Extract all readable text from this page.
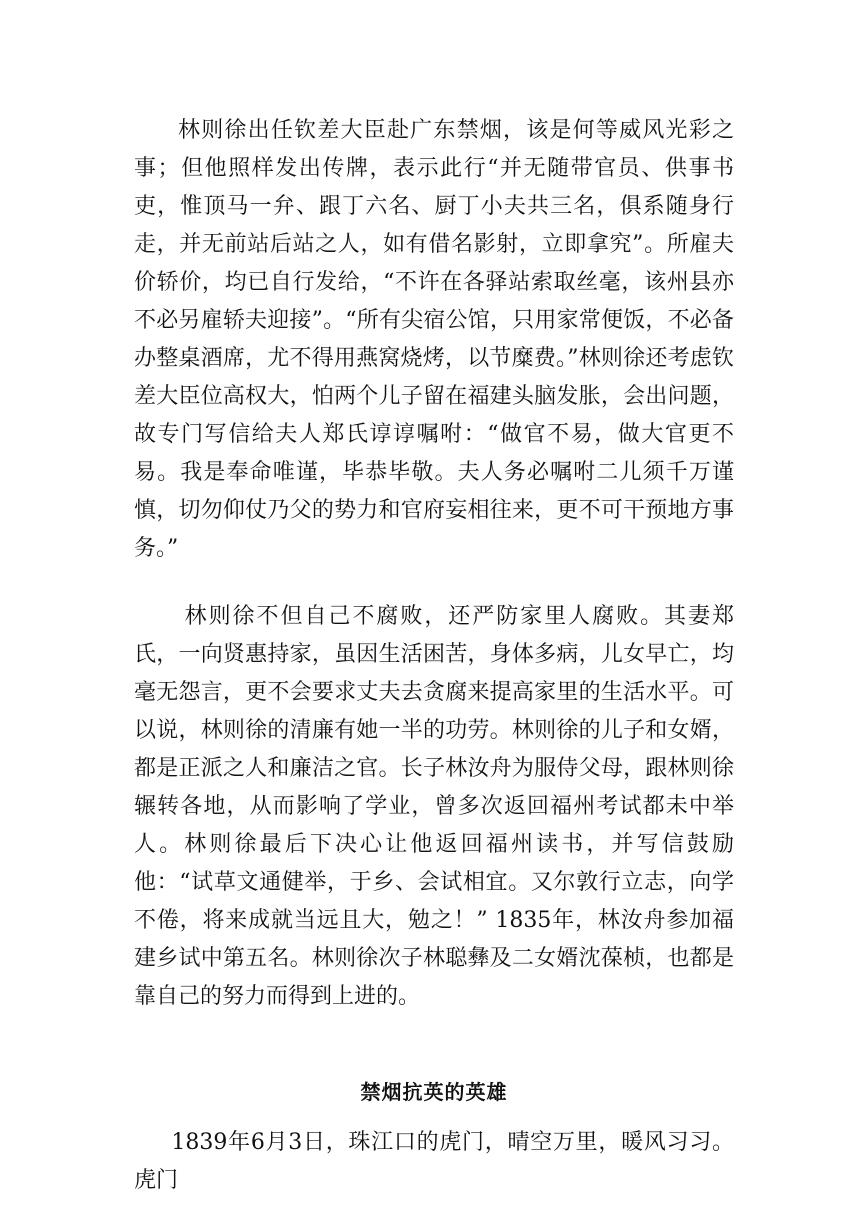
林则徐出任钦差大臣赴广东禁烟，该是何等威风光彩之事；但他照样发出传牌，表示此行“并无随带官员、供事书吏，惟顶马一弁、跟丁六名、厨丁小夫共三名，俱系随身行走，并无前站后站之人，如有借名影射，立即拿究”。所雇夫价轿价，均已自行发给，“不许在各驿站索取丝毫，该州县亦不必另雇轿夫迎接”。“所有尖宿公馆，只用家常便饭，不必备办整桌酒席，尤不得用燕窝烧烤，以节糜费。”林则徐还考虑钦差大臣位高权大，怕两个儿子留在福建头脑发胀，会出问题，故专门写信给夫人郑氏谆谆嘱咐：“做官不易，做大官更不易。我是奉命唯谨，毕恭毕敬。夫人务必嘱咐二儿须千万谨慎，切勿仰仗乃父的势力和官府妄相往来，更不可干预地方事务。”

林则徐不但自己不腐败，还严防家里人腐败。其妻郑氏，一向贤惠持家，虽因生活困苦，身体多病，儿女早亡，均毫无怨言，更不会要求丈夫去贪腐来提高家里的生活水平。可以说，林则徐的清廉有她一半的功劳。林则徐的儿子和女婿，都是正派之人和廉洁之官。长子林汝舟为服侍父母，跟林则徐辗转各地，从而影响了学业，曾多次返回福州考试都未中举人。林则徐最后下决心让他返回福州读书，并写信鼓励他：“试草文通健举，于乡、会试相宜。又尔敦行立志，向学不倦，将来成就当远且大，勉之！” 1835年，林汝舟参加福建乡试中第五名。林则徐次子林聪彝及二女婿沈葆桢，也都是靠自己的努力而得到上进的。

禁烟抗英的英雄

1839年6月3日，珠江口的虎门，晴空万里，暖风习习。虎门
